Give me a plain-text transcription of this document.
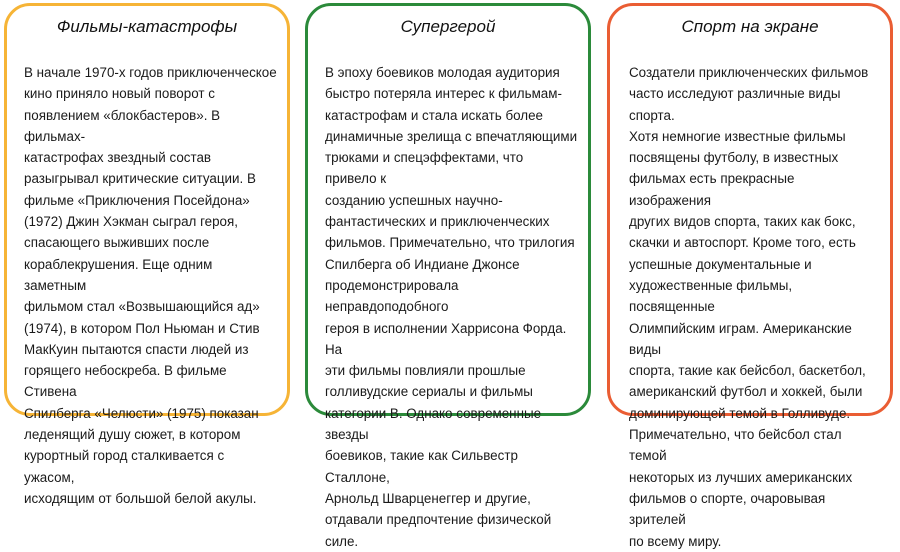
Фильмы-катастрофы
В начале 1970-х годов приключенческое
кино приняло новый поворот с
появлением «блокбастеров». В фильмах-
катастрофах звездный состав
разыгрывал критические ситуации. В
фильме «Приключения Посейдона»
(1972) Джин Хэкман сыграл героя,
спасающего выживших после
кораблекрушения. Еще одним заметным
фильмом стал «Возвышающийся ад»
(1974), в котором Пол Ньюман и Стив
МакКуин пытаются спасти людей из
горящего небоскреба. В фильме Стивена
Спилберга «Челюсти» (1975) показан
леденящий душу сюжет, в котором
курортный город сталкивается с ужасом,
исходящим от большой белой акулы.
Супергерой
В эпоху боевиков молодая аудитория
быстро потеряла интерес к фильмам-
катастрофам и стала искать более
динамичные зрелища с впечатляющими
трюками и спецэффектами, что привело к
созданию успешных научно-
фантастических и приключенческих
фильмов. Примечательно, что трилогия
Спилберга об Индиане Джонсе
продемонстрировала неправдоподобного
героя в исполнении Харрисона Форда. На
эти фильмы повлияли прошлые
голливудские сериалы и фильмы
категории В. Однако современные звезды
боевиков, такие как Сильвестр Сталлоне,
Арнольд Шварценеггер и другие,
отдавали предпочтение физической силе.
Спорт на экране
Создатели приключенческих фильмов
часто исследуют различные виды спорта.
Хотя немногие известные фильмы
посвящены футболу, в известных
фильмах есть прекрасные изображения
других видов спорта, таких как бокс,
скачки и автоспорт. Кроме того, есть
успешные документальные и
художественные фильмы, посвященные
Олимпийским играм. Американские виды
спорта, такие как бейсбол, баскетбол,
американский футбол и хоккей, были
доминирующей темой в Голливуде.
Примечательно, что бейсбол стал темой
некоторых из лучших американских
фильмов о спорте, очаровывая зрителей
по всему миру.
